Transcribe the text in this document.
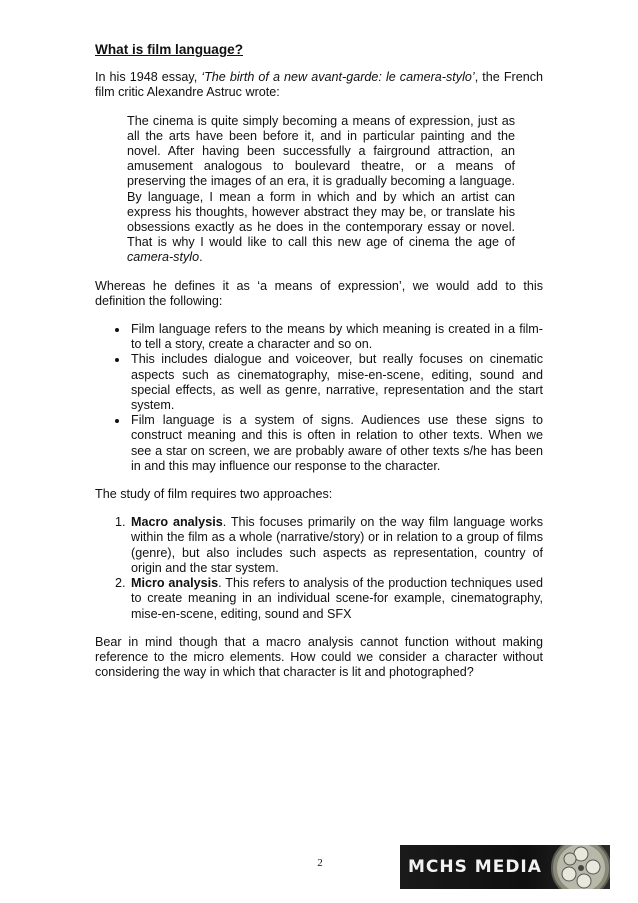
What is film language?

In his 1948 essay, ‘The birth of a new avant-garde: le camera-stylo’, the French film critic Alexandre Astruc wrote:

The cinema is quite simply becoming a means of expression, just as all the arts have been before it, and in particular painting and the novel. After having been successfully a fairground attraction, an amusement analogous to boulevard theatre, or a means of preserving the images of an era, it is gradually becoming a language. By language, I mean a form in which and by which an artist can express his thoughts, however abstract they may be, or translate his obsessions exactly as he does in the contemporary essay or novel. That is why I would like to call this new age of cinema the age of camera-stylo.

Whereas he defines it as ‘a means of expression’, we would add to this definition the following:

• Film language refers to the means by which meaning is created in a film-to tell a story, create a character and so on.
• This includes dialogue and voiceover, but really focuses on cinematic aspects such as cinematography, mise-en-scene, editing, sound and special effects, as well as genre, narrative, representation and the start system.
• Film language is a system of signs. Audiences use these signs to construct meaning and this is often in relation to other texts. When we see a star on screen, we are probably aware of other texts s/he has been in and this may influence our response to the character.

The study of film requires two approaches:

1. Macro analysis. This focuses primarily on the way film language works within the film as a whole (narrative/story) or in relation to a group of films (genre), but also includes such aspects as representation, country of origin and the star system.
2. Micro analysis. This refers to analysis of the production techniques used to create meaning in an individual scene-for example, cinematography, mise-en-scene, editing, sound and SFX

Bear in mind though that a macro analysis cannot function without making reference to the micro elements. How could we consider a character without considering the way in which that character is lit and photographed?

2	MCHS MEDIA
